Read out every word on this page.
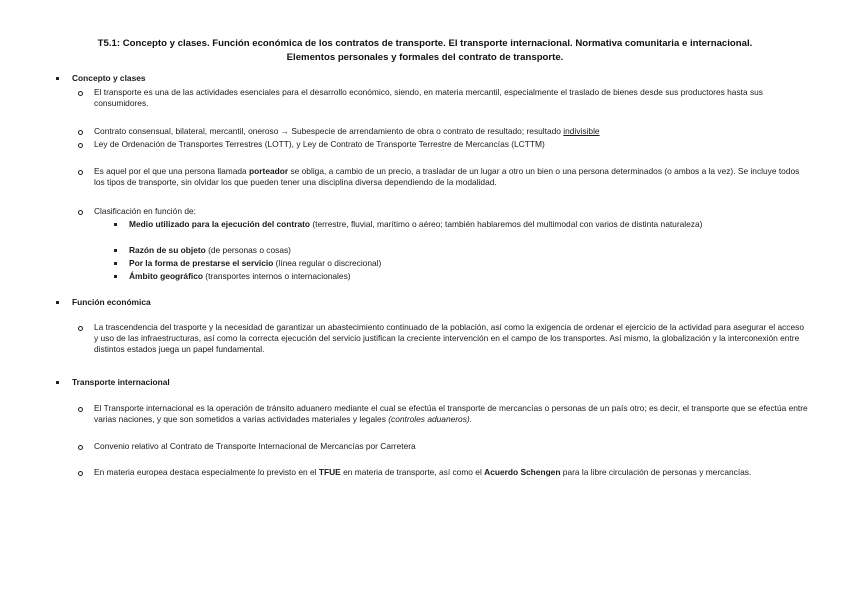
T5.1: Concepto y clases. Función económica de los contratos de transporte. El transporte internacional. Normativa comunitaria e internacional.
Elementos personales y formales del contrato de transporte.
Concepto y clases
El transporte es una de las actividades esenciales para el desarrollo económico, siendo, en materia mercantil, especialmente el traslado de bienes desde sus productores hasta sus consumidores.
Contrato consensual, bilateral, mercantil, oneroso → Subespecie de arrendamiento de obra o contrato de resultado; resultado indivisible
Ley de Ordenación de Transportes Terrestres (LOTT), y Ley de Contrato de Transporte Terrestre de Mercancías (LCTTM)
Es aquel por el que una persona llamada porteador se obliga, a cambio de un precio, a trasladar de un lugar a otro un bien o una persona determinados (o ambos a la vez). Se incluye todos los tipos de transporte, sin olvidar los que pueden tener una disciplina diversa dependiendo de la modalidad.
Clasificación en función de:
Medio utilizado para la ejecución del contrato (terrestre, fluvial, marítimo o aéreo; también hablaremos del multimodal con varios de distinta naturaleza)
Razón de su objeto (de personas o cosas)
Por la forma de prestarse el servicio (línea regular o discrecional)
Ámbito geográfico (transportes internos o internacionales)
Función económica
La trascendencia del trasporte y la necesidad de garantizar un abastecimiento continuado de la población, así como la exigencia de ordenar el ejercicio de la actividad para asegurar el acceso y uso de las infraestructuras, así como la correcta ejecución del servicio justifican la creciente intervención en el campo de los transportes. Así mismo, la globalización y la interconexión entre distintos estados juega un papel fundamental.
Transporte internacional
El Transporte internacional es la operación de tránsito aduanero mediante el cual se efectúa el transporte de mercancías o personas de un país otro; es decir, el transporte que se efectúa entre varias naciones, y que son sometidos a varias actividades materiales y legales (controles aduaneros).
Convenio relativo al Contrato de Transporte Internacional de Mercancías por Carretera
En materia europea destaca especialmente lo previsto en el TFUE en materia de transporte, así como el Acuerdo Schengen para la libre circulación de personas y mercancías.
